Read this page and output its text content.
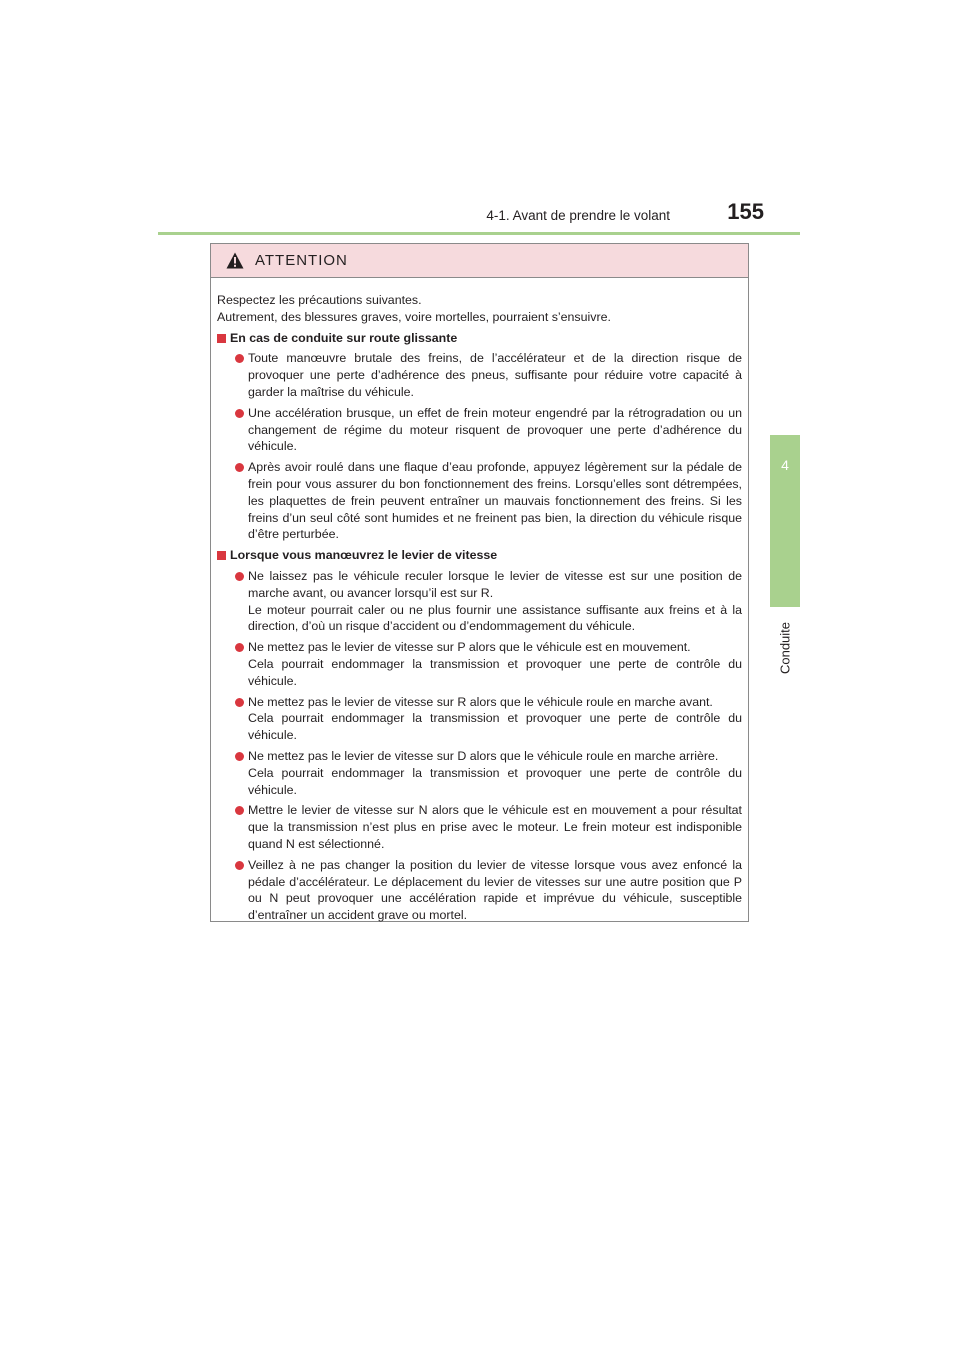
4-1. Avant de prendre le volant	155
4
Conduite
ATTENTION
Respectez les précautions suivantes.
Autrement, des blessures graves, voire mortelles, pourraient s’ensuivre.
En cas de conduite sur route glissante

Toute manœuvre brutale des freins, de l’accélérateur et de la direction risque de provoquer une perte d’adhérence des pneus, suffisante pour réduire votre capacité à garder la maîtrise du véhicule.

Une accélération brusque, un effet de frein moteur engendré par la rétrogradation ou un changement de régime du moteur risquent de provoquer une perte d’adhérence du véhicule.

Après avoir roulé dans une flaque d’eau profonde, appuyez légèrement sur la pédale de frein pour vous assurer du bon fonctionnement des freins. Lorsqu’elles sont détrempées, les plaquettes de frein peuvent entraîner un mauvais fonctionnement des freins. Si les freins d’un seul côté sont humides et ne freinent pas bien, la direction du véhicule risque d’être perturbée.

Lorsque vous manœuvrez le levier de vitesse

Ne laissez pas le véhicule reculer lorsque le levier de vitesse est sur une position de marche avant, ou avancer lorsqu’il est sur R.

Le moteur pourrait caler ou ne plus fournir une assistance suffisante aux freins et à la direction, d’où un risque d’accident ou d’endommagement du véhicule.

Ne mettez pas le levier de vitesse sur P alors que le véhicule est en mouvement.

Cela pourrait endommager la transmission et provoquer une perte de contrôle du véhicule.

Ne mettez pas le levier de vitesse sur R alors que le véhicule roule en marche avant.

Cela pourrait endommager la transmission et provoquer une perte de contrôle du véhicule.

Ne mettez pas le levier de vitesse sur D alors que le véhicule roule en marche arrière.

Cela pourrait endommager la transmission et provoquer une perte de contrôle du véhicule.

Mettre le levier de vitesse sur N alors que le véhicule est en mouvement a pour résultat que la transmission n’est plus en prise avec le moteur. Le frein moteur est indisponible quand N est sélectionné.

Veillez à ne pas changer la position du levier de vitesse lorsque vous avez enfoncé la pédale d’accélérateur. Le déplacement du levier de vitesses sur une autre position que P ou N peut provoquer une accélération rapide et imprévue du véhicule, susceptible d’entraîner un accident grave ou mortel.
